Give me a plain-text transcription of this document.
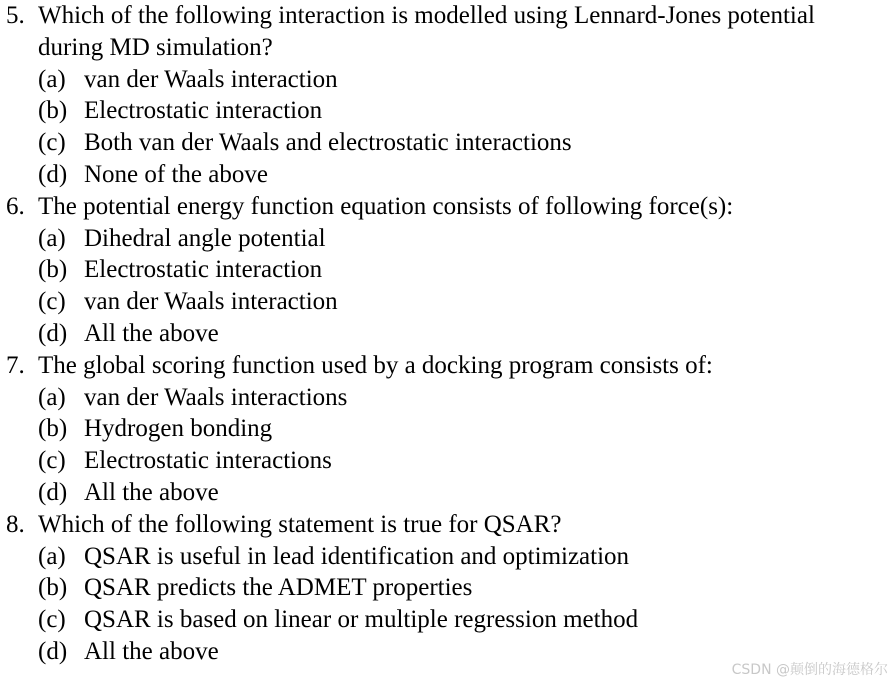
5. Which of the following interaction is modelled using Lennard-Jones potential
during MD simulation?
(a) van der Waals interaction
(b) Electrostatic interaction
(c) Both van der Waals and electrostatic interactions
(d) None of the above
6. The potential energy function equation consists of following force(s):
(a) Dihedral angle potential
(b) Electrostatic interaction
(c) van der Waals interaction
(d) All the above
7. The global scoring function used by a docking program consists of:
(a) van der Waals interactions
(b) Hydrogen bonding
(c) Electrostatic interactions
(d) All the above
8. Which of the following statement is true for QSAR?
(a) QSAR is useful in lead identification and optimization
(b) QSAR predicts the ADMET properties
(c) QSAR is based on linear or multiple regression method
(d) All the above
CSDN @颠倒的海德格尔
